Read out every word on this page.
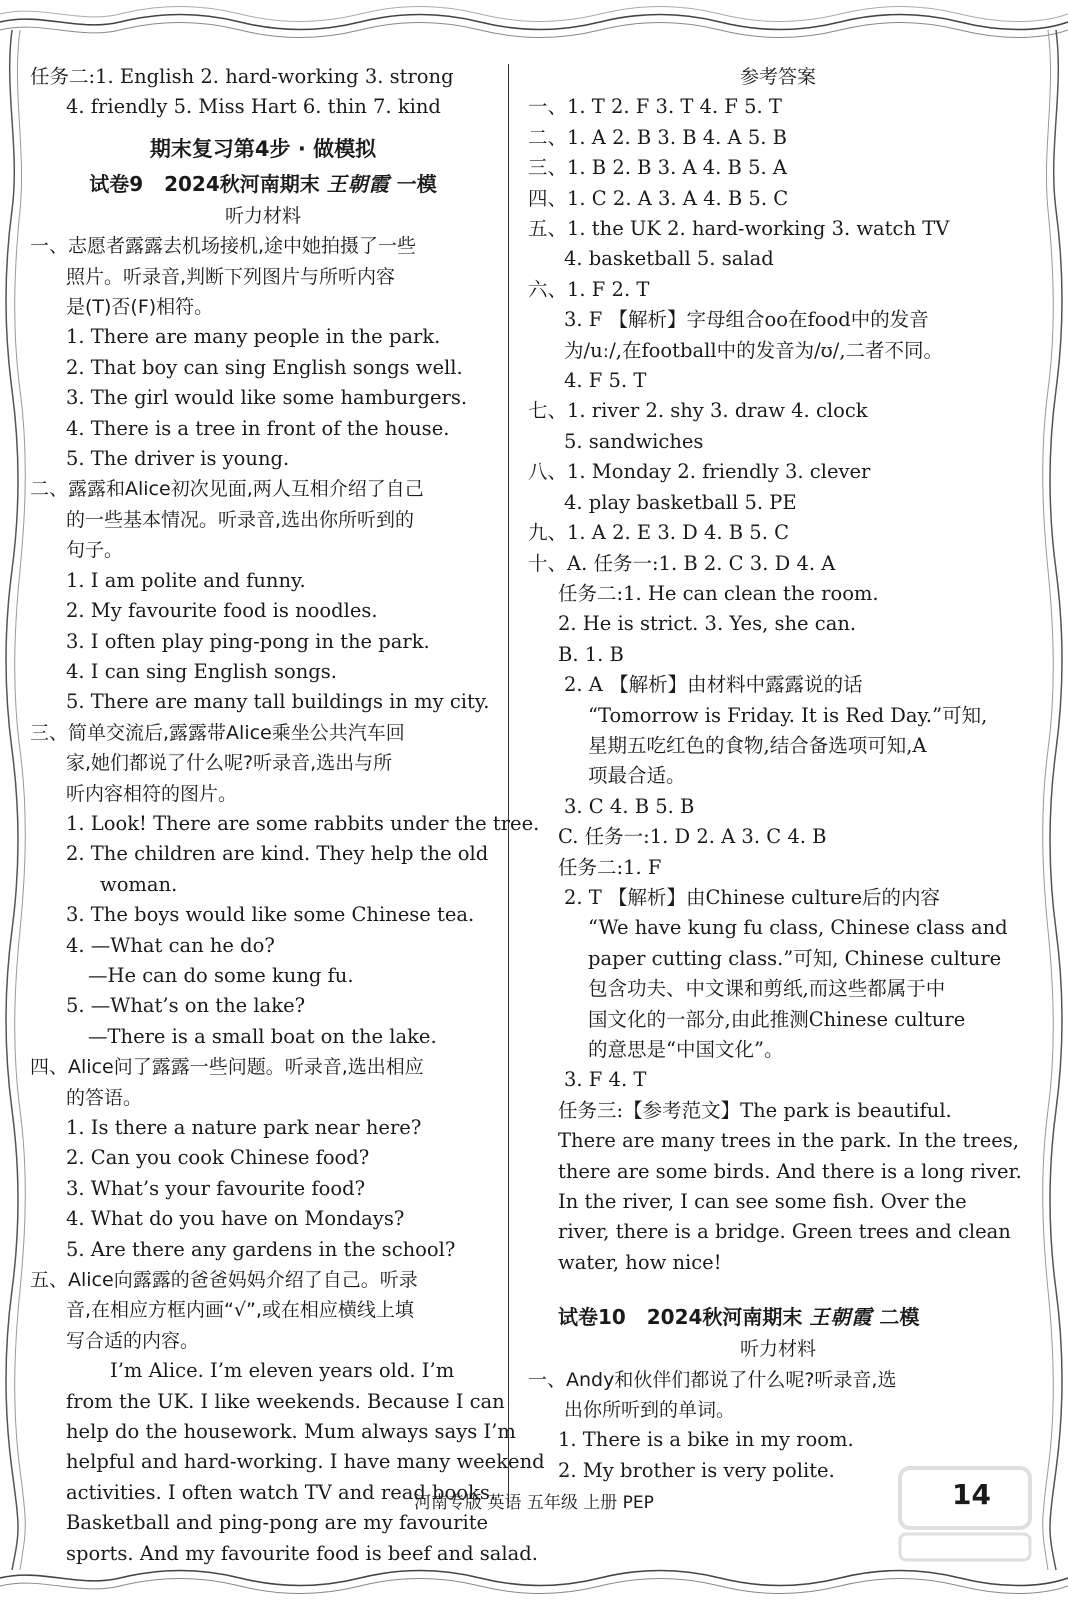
任务二:1. English 2. hard-working 3. strong
4. friendly 5. Miss Hart 6. thin 7. kind
期末复习第4步 · 做模拟
试卷9 2024秋河南期末 王朝霞 一模
听力材料
一、志愿者露露去机场接机,途中她拍摄了一些
照片。听录音,判断下列图片与所听内容
是(T)否(F)相符。
1. There are many people in the park.
2. That boy can sing English songs well.
3. The girl would like some hamburgers.
4. There is a tree in front of the house.
5. The driver is young.
二、露露和Alice初次见面,两人互相介绍了自己
的一些基本情况。听录音,选出你所听到的
句子。
1. I am polite and funny.
2. My favourite food is noodles.
3. I often play ping-pong in the park.
4. I can sing English songs.
5. There are many tall buildings in my city.
三、简单交流后,露露带Alice乘坐公共汽车回
家,她们都说了什么呢?听录音,选出与所
听内容相符的图片。
1. Look! There are some rabbits under the tree.
2. The children are kind. They help the old
woman.
3. The boys would like some Chinese tea.
4. —What can he do?
—He can do some kung fu.
5. —What’s on the lake?
—There is a small boat on the lake.
四、Alice问了露露一些问题。听录音,选出相应
的答语。
1. Is there a nature park near here?
2. Can you cook Chinese food?
3. What’s your favourite food?
4. What do you have on Mondays?
5. Are there any gardens in the school?
五、Alice向露露的爸爸妈妈介绍了自己。听录
音,在相应方框内画“√”,或在相应横线上填
写合适的内容。
I’m Alice. I’m eleven years old. I’m
from the UK. I like weekends. Because I can
help do the housework. Mum always says I’m
helpful and hard-working. I have many weekend
activities. I often watch TV and read books.
Basketball and ping-pong are my favourite
sports. And my favourite food is beef and salad.
参考答案
一、1. T 2. F 3. T 4. F 5. T
二、1. A 2. B 3. B 4. A 5. B
三、1. B 2. B 3. A 4. B 5. A
四、1. C 2. A 3. A 4. B 5. C
五、1. the UK 2. hard-working 3. watch TV
4. basketball 5. salad
六、1. F 2. T
3. F 【解析】字母组合oo在food中的发音
为/uː/,在football中的发音为/ʊ/,二者不同。
4. F 5. T
七、1. river 2. shy 3. draw 4. clock
5. sandwiches
八、1. Monday 2. friendly 3. clever
4. play basketball 5. PE
九、1. A 2. E 3. D 4. B 5. C
十、A. 任务一:1. B 2. C 3. D 4. A
任务二:1. He can clean the room.
2. He is strict. 3. Yes, she can.
B. 1. B
2. A 【解析】由材料中露露说的话
“Tomorrow is Friday. It is Red Day.”可知,
星期五吃红色的食物,结合备选项可知,A
项最合适。
3. C 4. B 5. B
C. 任务一:1. D 2. A 3. C 4. B
任务二:1. F
2. T 【解析】由Chinese culture后的内容
“We have kung fu class, Chinese class and
paper cutting class.”可知, Chinese culture
包含功夫、中文课和剪纸,而这些都属于中
国文化的一部分,由此推测Chinese culture
的意思是“中国文化”。
3. F 4. T
任务三:【参考范文】The park is beautiful.
There are many trees in the park. In the trees,
there are some birds. And there is a long river.
In the river, I can see some fish. Over the
river, there is a bridge. Green trees and clean
water, how nice!
试卷10 2024秋河南期末 王朝霞 二模
听力材料
一、Andy和伙伴们都说了什么呢?听录音,选
出你所听到的单词。
1. There is a bike in my room.
2. My brother is very polite.
河南专版 英语 五年级 上册 PEP	14
